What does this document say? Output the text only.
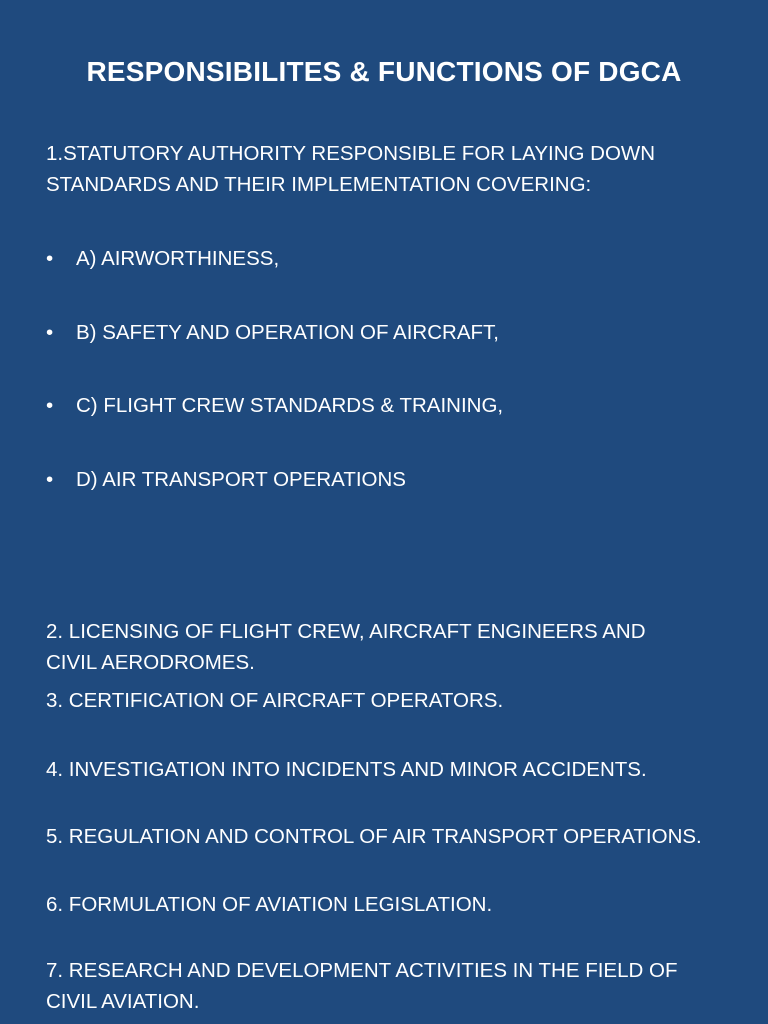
RESPONSIBILITES & FUNCTIONS OF DGCA
1.STATUTORY AUTHORITY RESPONSIBLE FOR LAYING DOWN
STANDARDS AND THEIR IMPLEMENTATION COVERING:
• A) AIRWORTHINESS,
• B) SAFETY AND OPERATION OF AIRCRAFT,
• C) FLIGHT CREW STANDARDS & TRAINING,
• D) AIR TRANSPORT OPERATIONS
2. LICENSING OF FLIGHT CREW, AIRCRAFT ENGINEERS AND
CIVIL AERODROMES.
3. CERTIFICATION OF AIRCRAFT OPERATORS.
4. INVESTIGATION INTO INCIDENTS AND MINOR ACCIDENTS.
5. REGULATION AND CONTROL OF AIR TRANSPORT OPERATIONS.
6. FORMULATION OF AVIATION LEGISLATION.
7. RESEARCH AND DEVELOPMENT ACTIVITIES IN THE FIELD OF
CIVIL AVIATION.
